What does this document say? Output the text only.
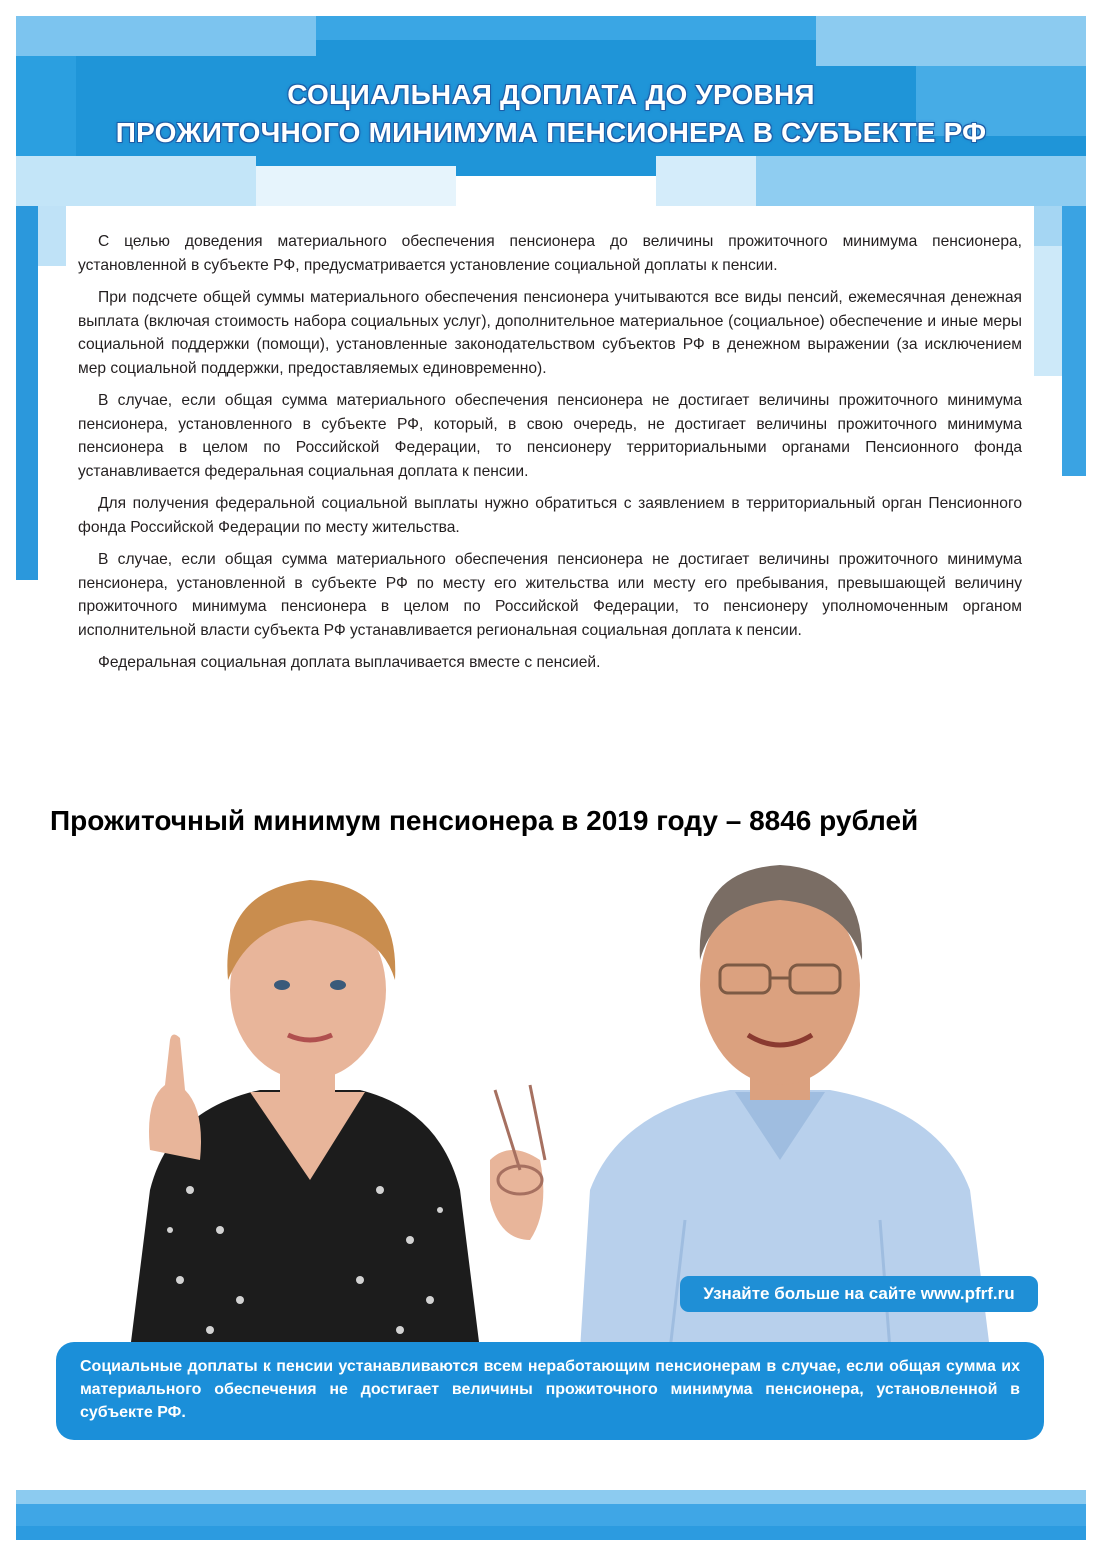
СОЦИАЛЬНАЯ ДОПЛАТА ДО УРОВНЯ
ПРОЖИТОЧНОГО МИНИМУМА ПЕНСИОНЕРА В СУБЪЕКТЕ РФ

С целью доведения материального обеспечения пенсионера до величины прожиточного минимума пенсионера, установленной в субъекте РФ, предусматривается установление социальной доплаты к пенсии.

При подсчете общей суммы материального обеспечения пенсионера учитываются все виды пенсий, ежемесячная денежная выплата (включая стоимость набора социальных услуг), дополнительное материальное (социальное) обеспечение и иные меры социальной поддержки (помощи), установленные законодательством субъектов РФ в денежном выражении (за исключением мер социальной поддержки, предоставляемых единовременно).

В случае, если общая сумма материального обеспечения пенсионера не достигает величины прожиточного минимума пенсионера, установленного в субъекте РФ, который, в свою очередь, не достигает величины прожиточного минимума пенсионера в целом по Российской Федерации, то пенсионеру территориальными органами Пенсионного фонда устанавливается федеральная социальная доплата к пенсии.

Для получения федеральной социальной выплаты нужно обратиться с заявлением в территориальный орган Пенсионного фонда Российской Федерации по месту жительства.

В случае, если общая сумма материального обеспечения пенсионера не достигает величины прожиточного минимума пенсионера, установленной в субъекте РФ по месту его жительства или месту его пребывания, превышающей величину прожиточного минимума пенсионера в целом по Российской Федерации, то пенсионеру уполномоченным органом исполнительной власти субъекта РФ устанавливается региональная социальная доплата к пенсии.

Федеральная социальная доплата выплачивается вместе с пенсией.

Прожиточный минимум пенсионера в 2019 году – 8846 рублей
Узнайте больше на сайте www.pfrf.ru
Социальные доплаты к пенсии устанавливаются всем неработающим пенсионерам в случае, если общая сумма их материального обеспечения не достигает величины прожиточного минимума пенсионера, установленной в субъекте РФ.
